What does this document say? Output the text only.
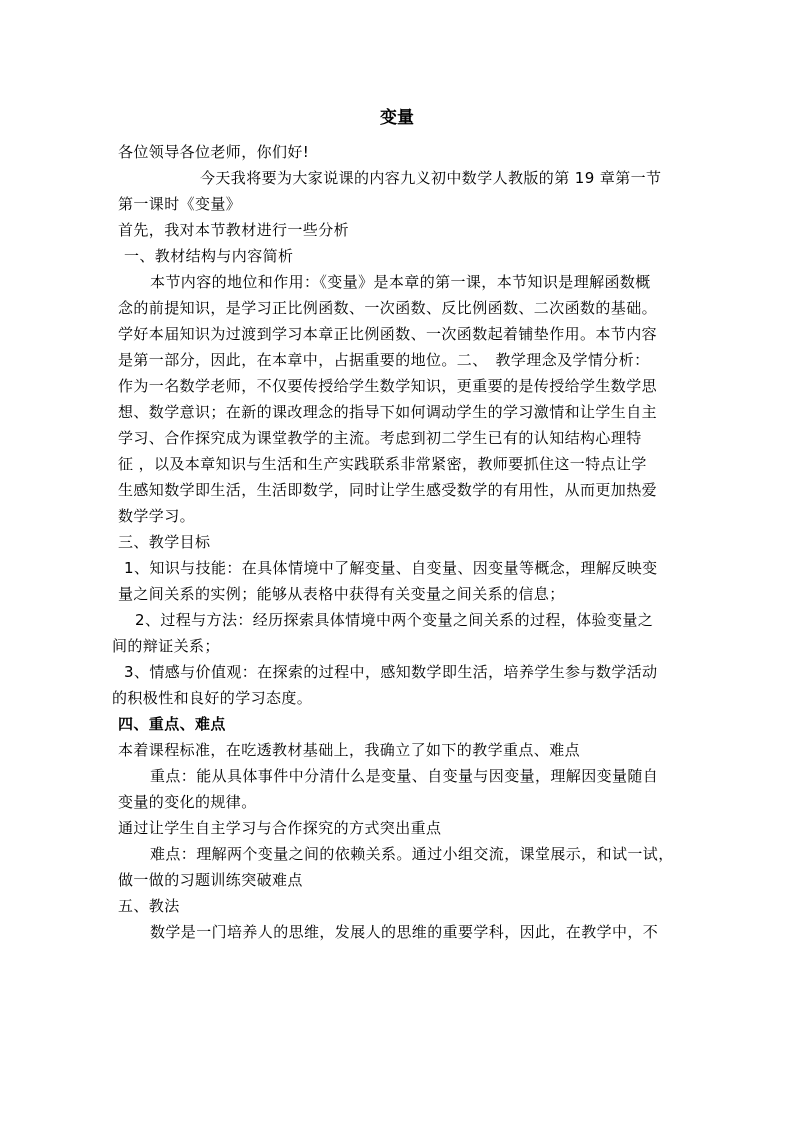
变量
各位领导各位老师，你们好!
今天我将要为大家说课的内容九义初中数学人教版的第 19 章第一节
第一课时《变量》
首先，我对本节教材进行一些分析
一、教材结构与内容简析
本节内容的地位和作用：《变量》是本章的第一课，本节知识是理解函数概
念的前提知识，是学习正比例函数、一次函数、反比例函数、二次函数的基础。
学好本届知识为过渡到学习本章正比例函数、一次函数起着铺垫作用。本节内容
是第一部分，因此，在本章中，占据重要的地位。二、　教学理念及学情分析：
作为一名数学老师，不仅要传授给学生数学知识，更重要的是传授给学生数学思
想、数学意识；在新的课改理念的指导下如何调动学生的学习激情和让学生自主
学习、合作探究成为课堂教学的主流。考虑到初二学生已有的认知结构心理特
征 ，以及本章知识与生活和生产实践联系非常紧密，教师要抓住这一特点让学
生感知数学即生活，生活即数学，同时让学生感受数学的有用性，从而更加热爱
数学学习。
三、教学目标
1、知识与技能：在具体情境中了解变量、自变量、因变量等概念，理解反映变
量之间关系的实例；能够从表格中获得有关变量之间关系的信息；
2、过程与方法：经历探索具体情境中两个变量之间关系的过程，体验变量之
间的辩证关系；
3、情感与价值观：在探索的过程中，感知数学即生活，培养学生参与数学活动
的积极性和良好的学习态度。
四、重点、难点
本着课程标准，在吃透教材基础上，我确立了如下的教学重点、难点
重点：能从具体事件中分清什么是变量、自变量与因变量，理解因变量随自
变量的变化的规律。
通过让学生自主学习与合作探究的方式突出重点
难点：理解两个变量之间的依赖关系。通过小组交流，课堂展示，和试一试，
做一做的习题训练突破难点
五、教法
数学是一门培养人的思维，发展人的思维的重要学科，因此，在教学中，不
